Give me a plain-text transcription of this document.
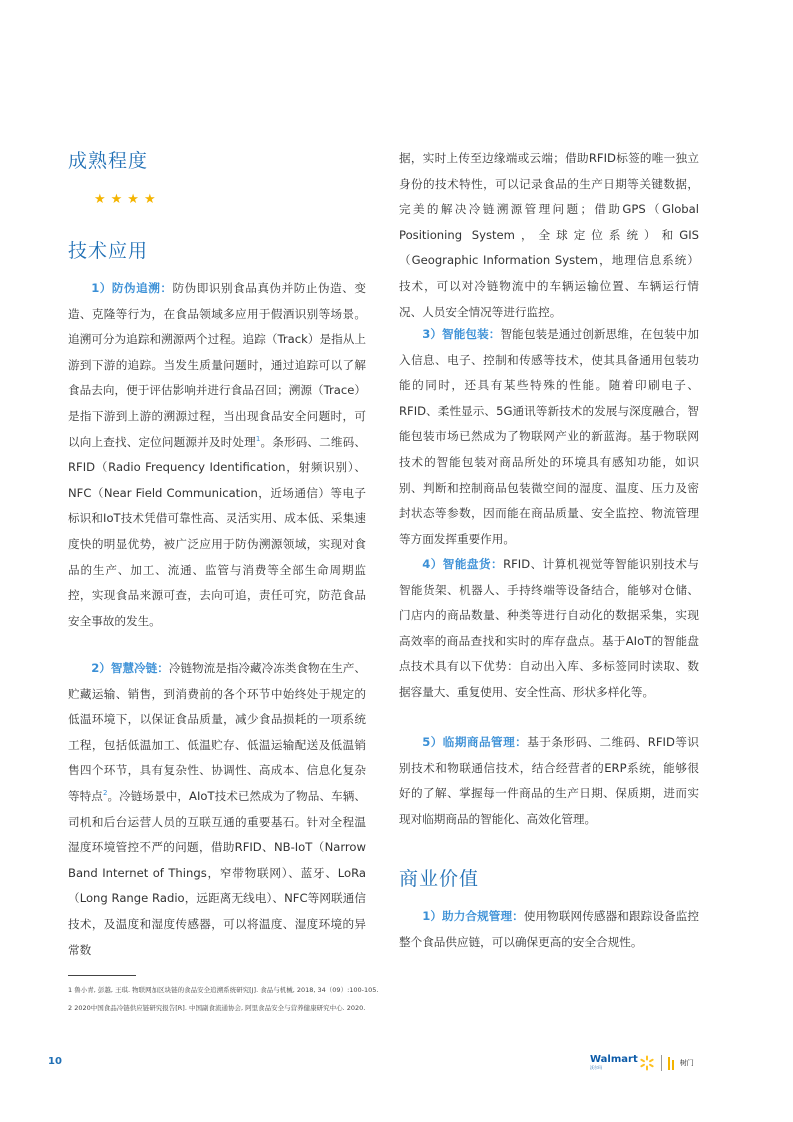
成熟程度

★★★★

技术应用

1）防伪追溯：防伪即识别食品真伪并防止伪造、变造、克隆等行为，在食品领域多应用于假酒识别等场景。追溯可分为追踪和溯源两个过程。追踪（Track）是指从上游到下游的追踪。当发生质量问题时，通过追踪可以了解食品去向，便于评估影响并进行食品召回；溯源（Trace）是指下游到上游的溯源过程，当出现食品安全问题时，可以向上查找、定位问题源并及时处理$^1$。条形码、二维码、RFID（Radio Frequency Identification，射频识别）、NFC（Near Field Communication，近场通信）等电子标识和IoT技术凭借可靠性高、灵活实用、成本低、采集速度快的明显优势，被广泛应用于防伪溯源领域，实现对食品的生产、加工、流通、监管与消费等全部生命周期监控，实现食品来源可查，去向可追，责任可究，防范食品安全事故的发生。

2）智慧冷链：冷链物流是指冷藏冷冻类食物在生产、贮藏运输、销售，到消费前的各个环节中始终处于规定的低温环境下，以保证食品质量，减少食品损耗的一项系统工程，包括低温加工、低温贮存、低温运输配送及低温销售四个环节，具有复杂性、协调性、高成本、信息化复杂等特点$^2$。冷链场景中，AIoT技术已然成为了物品、车辆、司机和后台运营人员的互联互通的重要基石。针对全程温湿度环境管控不严的问题，借助RFID、NB-IoT（Narrow Band Internet of Things，窄带物联网）、蓝牙、LoRa（Long Range Radio，远距离无线电）、NFC等网联通信技术，及温度和湿度传感器，可以将温度、湿度环境的异常数

据，实时上传至边缘端或云端；借助RFID标签的唯一独立身份的技术特性，可以记录食品的生产日期等关键数据，完美的解决冷链溯源管理问题；借助GPS（Global Positioning System，全球定位系统）和GIS（Geographic Information System，地理信息系统）技术，可以对冷链物流中的车辆运输位置、车辆运行情况、人员安全情况等进行监控。

3）智能包装：智能包装是通过创新思维，在包装中加入信息、电子、控制和传感等技术，使其具备通用包装功能的同时，还具有某些特殊的性能。随着印刷电子、RFID、柔性显示、5G通讯等新技术的发展与深度融合，智能包装市场已然成为了物联网产业的新蓝海。基于物联网技术的智能包装对商品所处的环境具有感知功能，如识别、判断和控制商品包装微空间的湿度、温度、压力及密封状态等参数，因而能在商品质量、安全监控、物流管理等方面发挥重要作用。

4）智能盘货：RFID、计算机视觉等智能识别技术与智能货架、机器人、手持终端等设备结合，能够对仓储、门店内的商品数量、种类等进行自动化的数据采集，实现高效率的商品查找和实时的库存盘点。基于AIoT的智能盘点技术具有以下优势：自动出入库、多标签同时读取、数据容量大、重复使用、安全性高、形状多样化等。

5）临期商品管理：基于条形码、二维码、RFID等识别技术和物联通信技术，结合经营者的ERP系统，能够很好的了解、掌握每一件商品的生产日期、保质期，进而实现对临期商品的智能化、高效化管理。

商业价值

1）助力合规管理：使用物联网传感器和跟踪设备监控整个食品供应链，可以确保更高的安全合规性。

1 鲁小青, 彭越, 王琪. 物联网加区块链的食品安全追溯系统研究[J]. 食品与机械, 2018, 34（09）:100-105.

2 2020中国食品冷链供应链研究报告[R]. 中国副食流通协会, 阿里食品安全与营养健康研究中心. 2020.

10	Walmart
沃尔玛
树门
